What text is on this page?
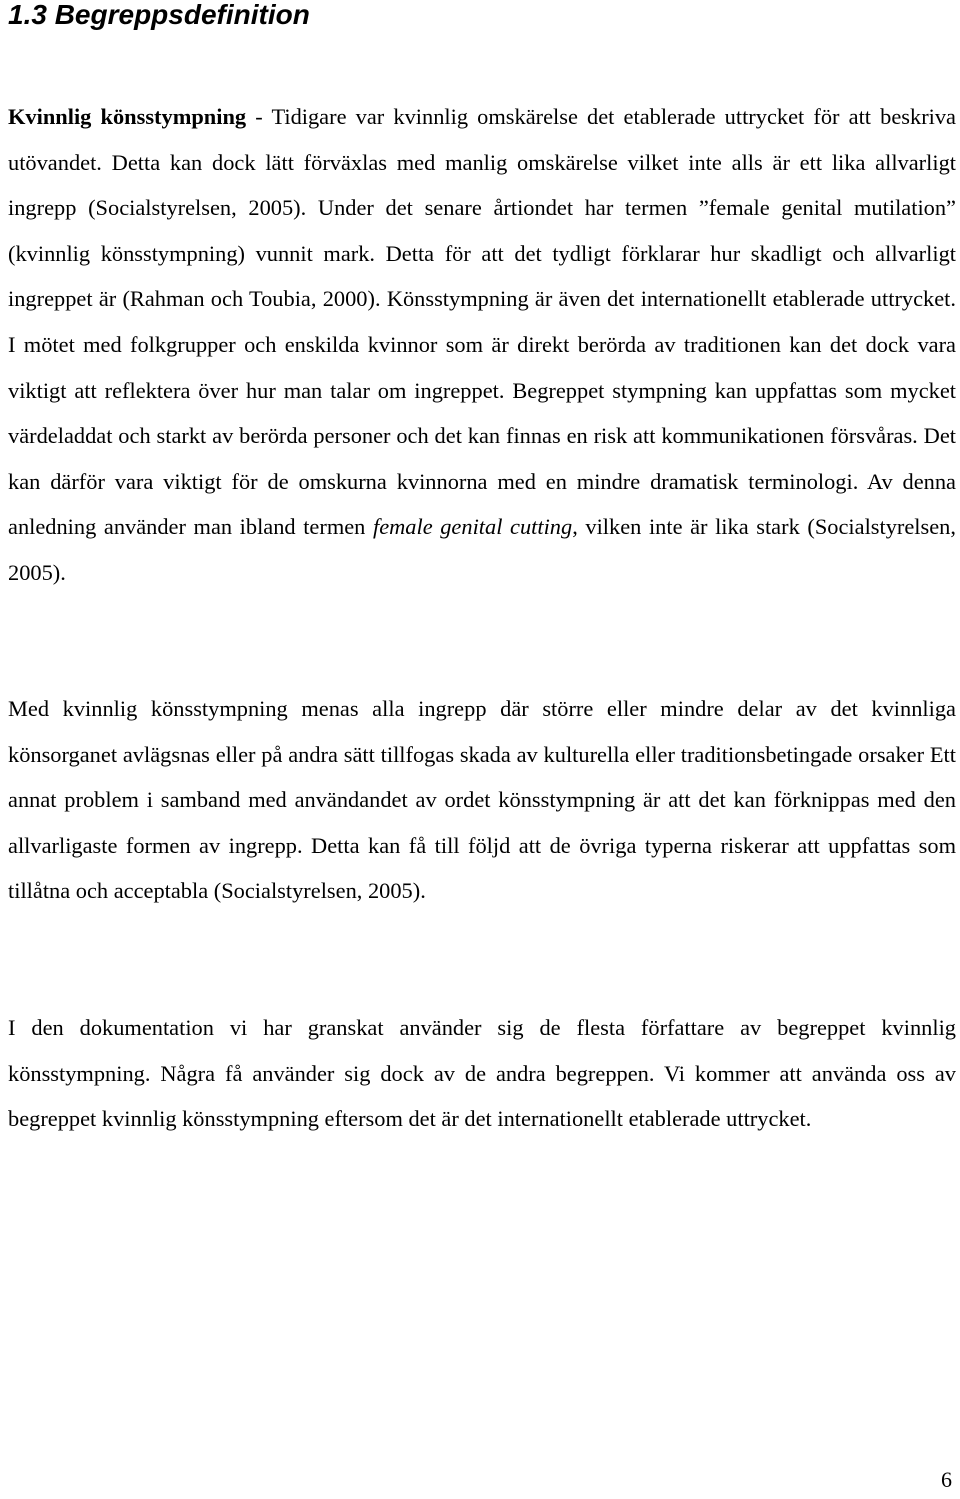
1.3 Begreppsdefinition

Kvinnlig könsstympning - Tidigare var kvinnlig omskärelse det etablerade uttrycket för att beskriva utövandet. Detta kan dock lätt förväxlas med manlig omskärelse vilket inte alls är ett lika allvarligt ingrepp (Socialstyrelsen, 2005). Under det senare årtiondet har termen ”female genital mutilation” (kvinnlig könsstympning) vunnit mark. Detta för att det tydligt förklarar hur skadligt och allvarligt ingreppet är (Rahman och Toubia, 2000). Könsstympning är även det internationellt etablerade uttrycket. I mötet med folkgrupper och enskilda kvinnor som är direkt berörda av traditionen kan det dock vara viktigt att reflektera över hur man talar om ingreppet. Begreppet stympning kan uppfattas som mycket värdeladdat och starkt av berörda personer och det kan finnas en risk att kommunikationen försvåras. Det kan därför vara viktigt för de omskurna kvinnorna med en mindre dramatisk terminologi. Av denna anledning använder man ibland termen female genital cutting, vilken inte är lika stark (Socialstyrelsen, 2005).

Med kvinnlig könsstympning menas alla ingrepp där större eller mindre delar av det kvinnliga könsorganet avlägsnas eller på andra sätt tillfogas skada av kulturella eller traditionsbetingade orsaker Ett annat problem i samband med användandet av ordet könsstympning är att det kan förknippas med den allvarligaste formen av ingrepp. Detta kan få till följd att de övriga typerna riskerar att uppfattas som tillåtna och acceptabla (Socialstyrelsen, 2005).

I den dokumentation vi har granskat använder sig de flesta författare av begreppet kvinnlig könsstympning. Några få använder sig dock av de andra begreppen. Vi kommer att använda oss av begreppet kvinnlig könsstympning eftersom det är det internationellt etablerade uttrycket.

6
